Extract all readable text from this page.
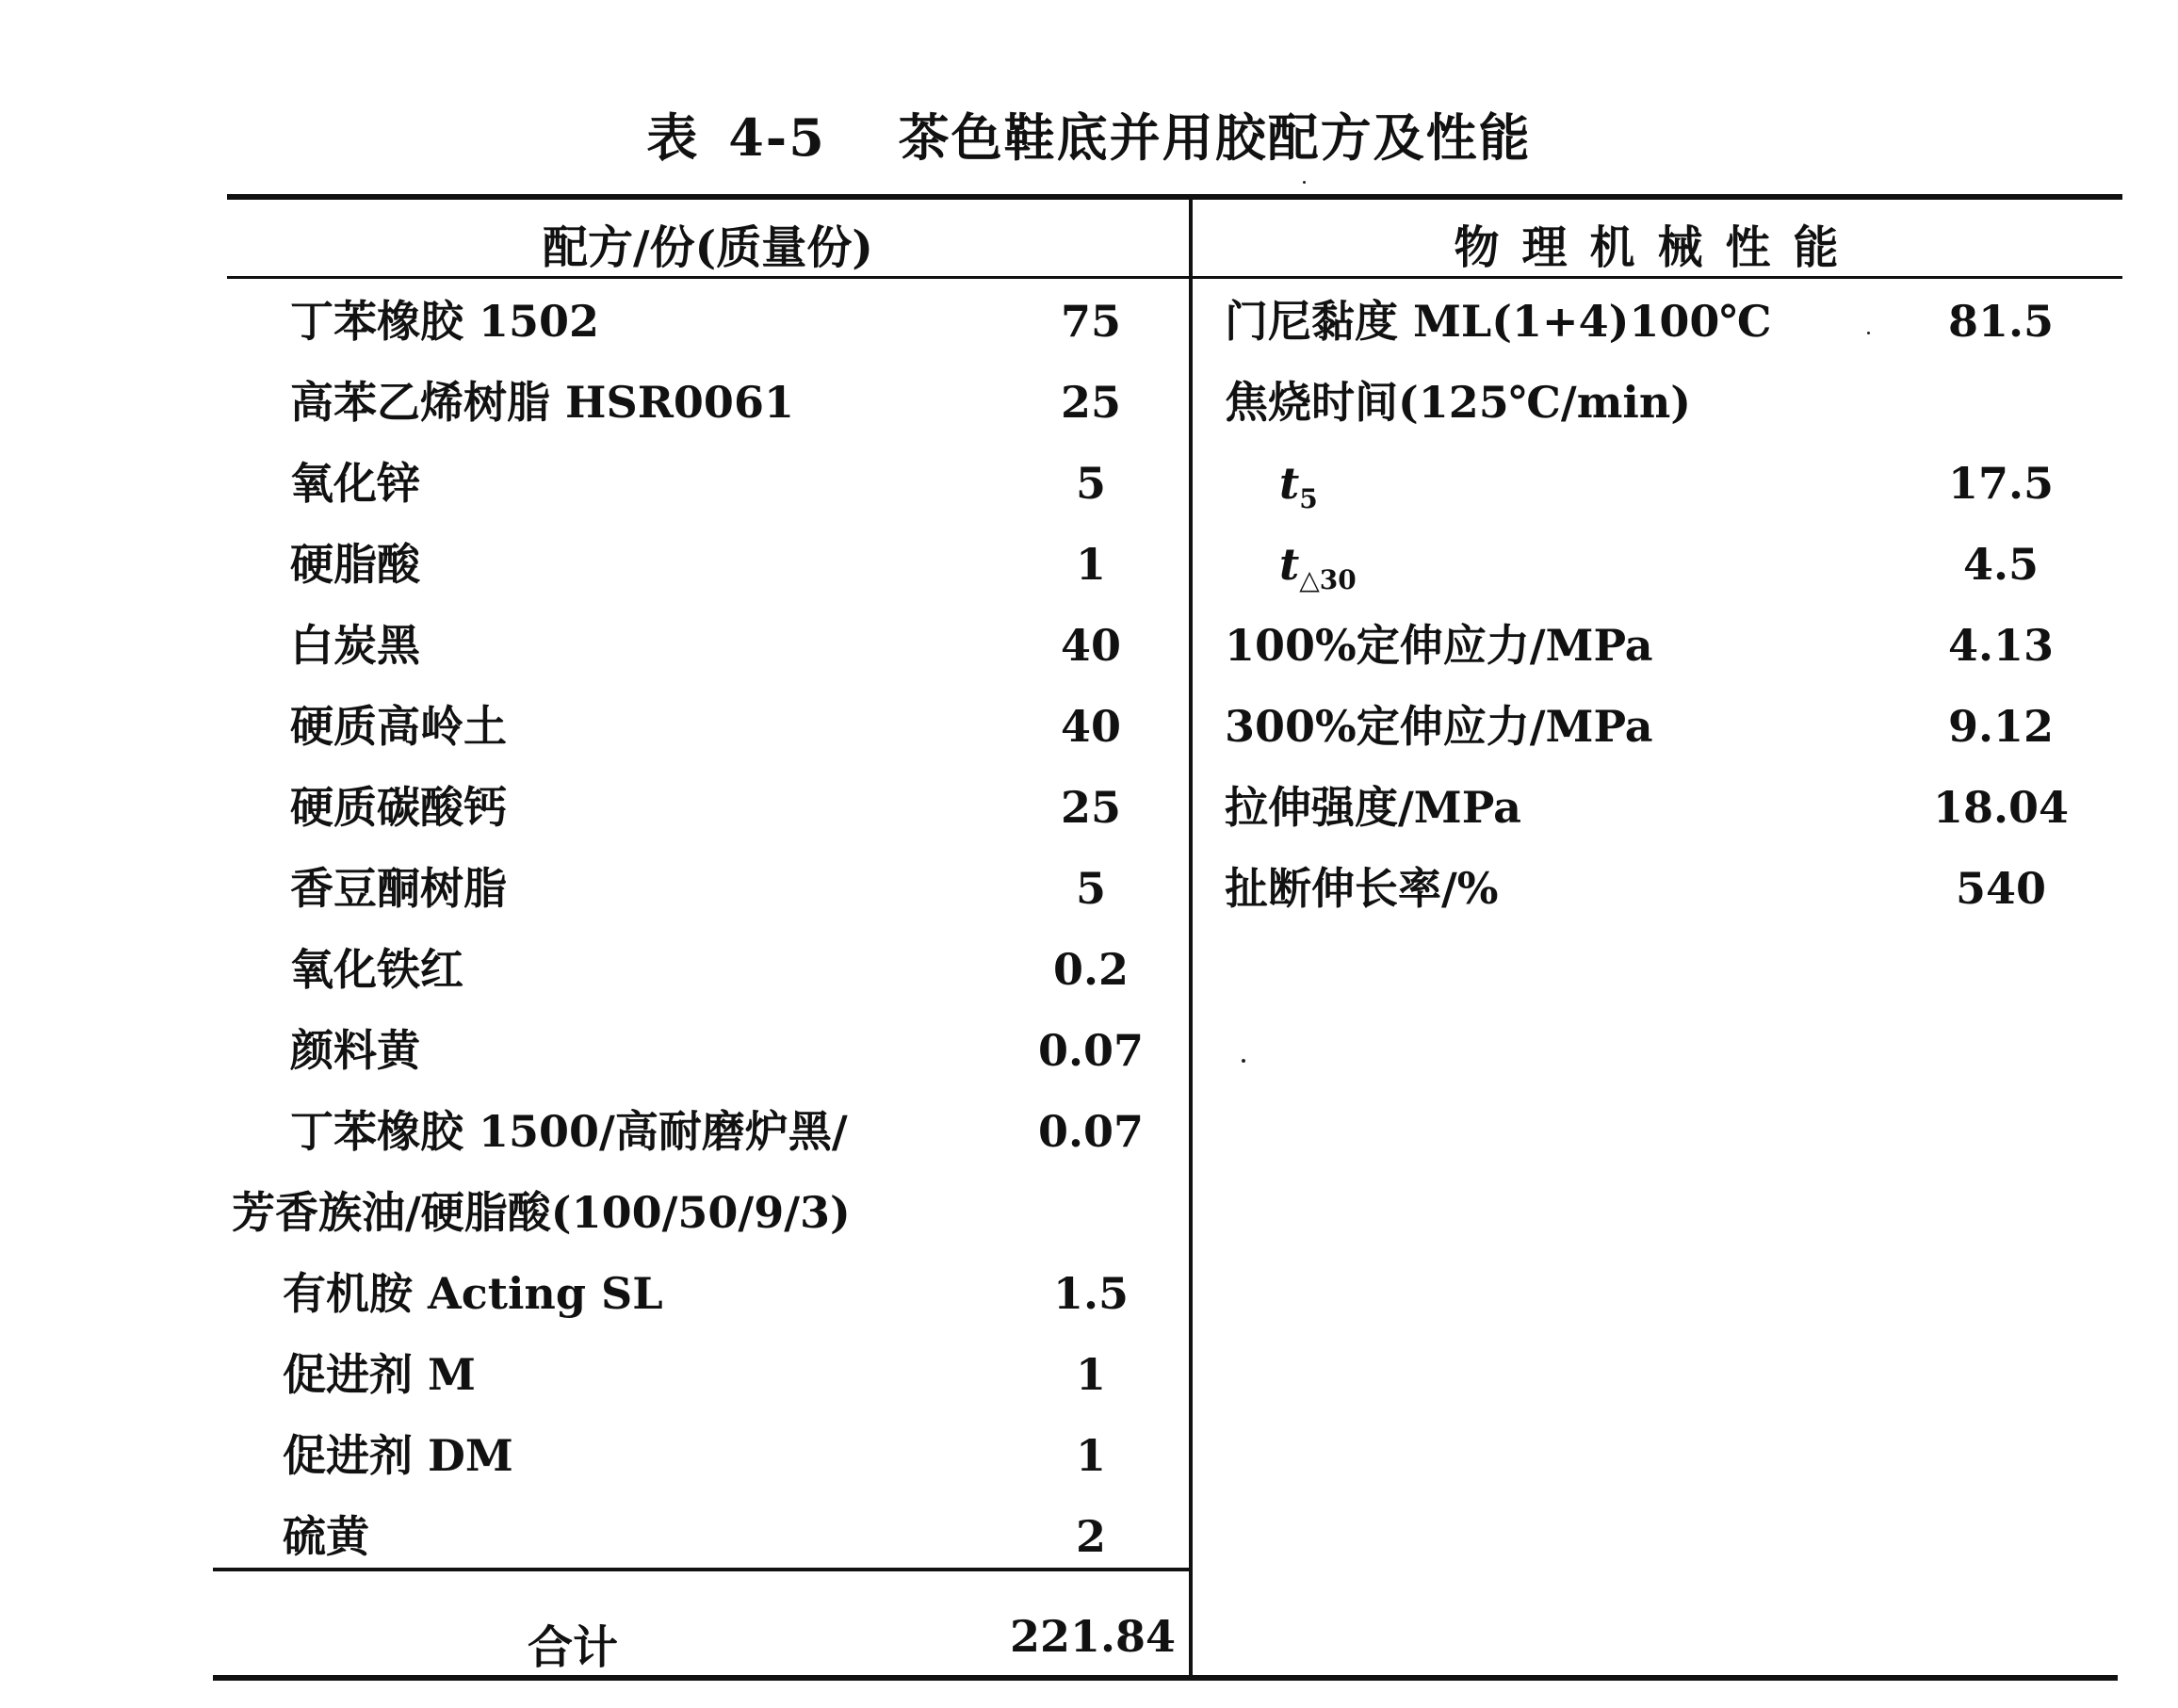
表 4-5 茶色鞋底并用胶配方及性能
配方/份(质量份)	物理机械性能
丁苯橡胶 1502	75
高苯乙烯树脂 HSR0061	25
氧化锌	5
硬脂酸	1
白炭黑	40
硬质高岭土	40
硬质碳酸钙	25
香豆酮树脂	5
氧化铁红	0.2
颜料黄	0.07
丁苯橡胶 1500/高耐磨炉黑/	0.07
芳香族油/硬脂酸(100/50/9/3)
有机胺 Acting SL	1.5
促进剂 M	1
促进剂 DM	1
硫黄	2
合计	221.84
门尼黏度 ML(1+4)100℃	81.5
焦烧时间(125℃/min)
$t_5$	17.5
$t_{\triangle 30}$	4.5
100%定伸应力/MPa	4.13
300%定伸应力/MPa	9.12
拉伸强度/MPa	18.04
扯断伸长率/%	540
